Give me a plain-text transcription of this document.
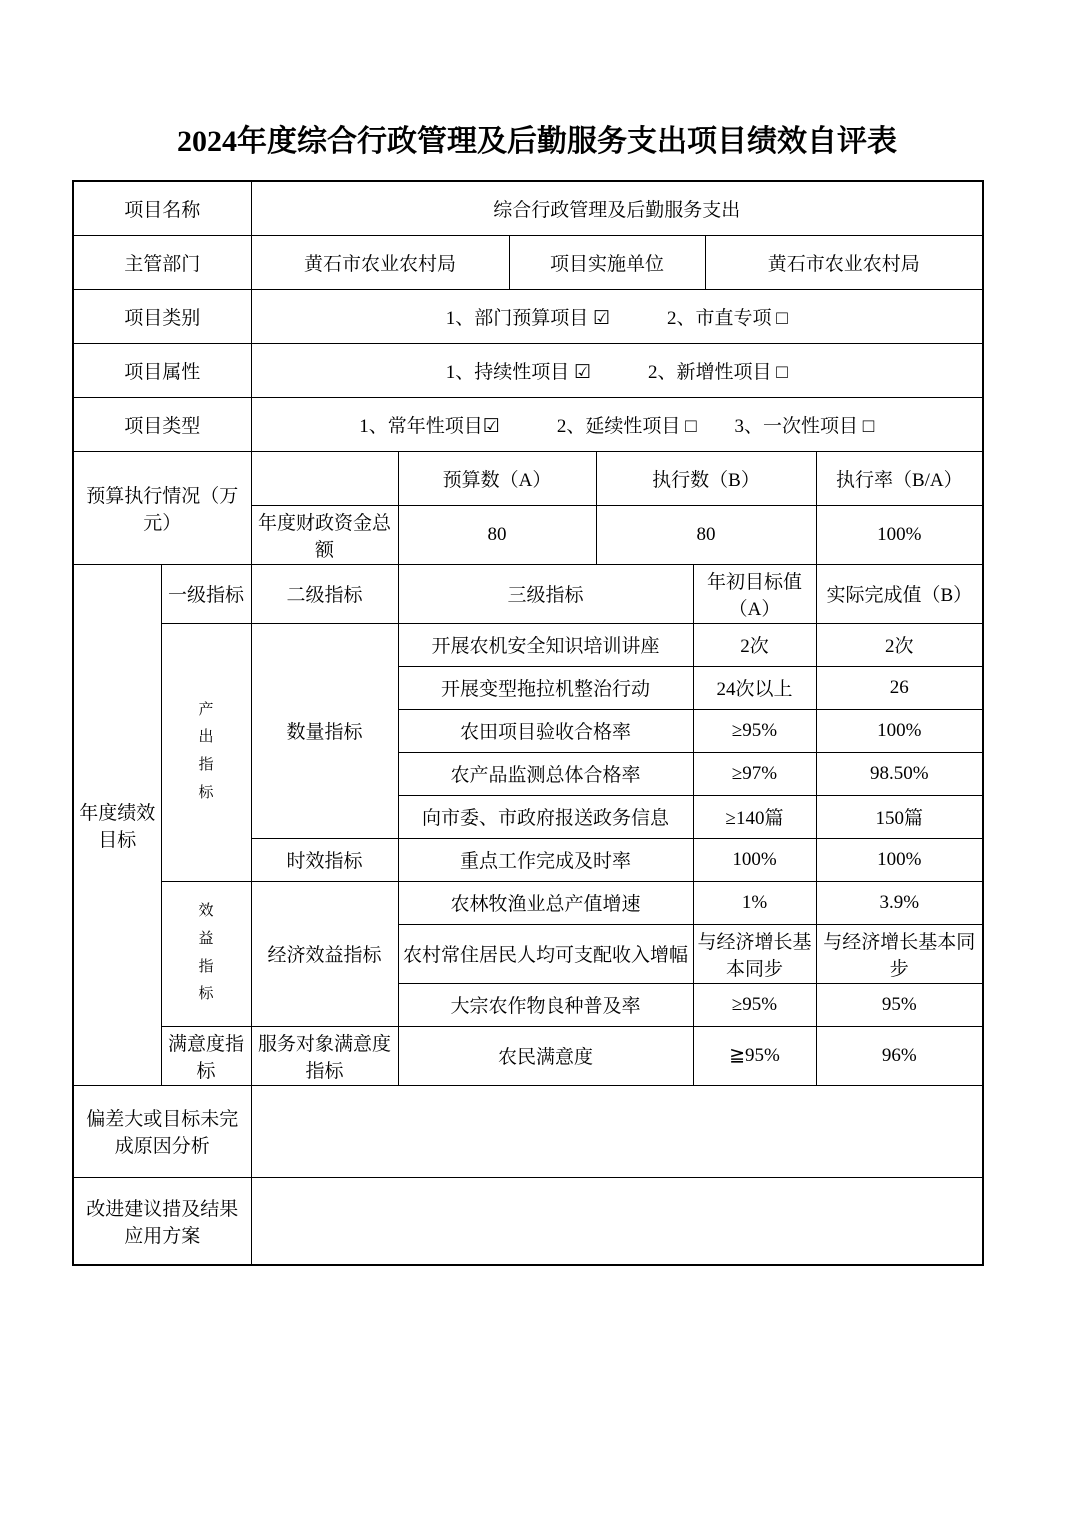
2024年度综合行政管理及后勤服务支出项目绩效自评表
项目名称		综合行政管理及后勤服务支出						
主管部门		黄石市农业农村局		项目实施单位			黄石市农业农村局	
项目类别		1、部门预算项目 ☑　　　2、市直专项 □						
项目属性		1、持续性项目 ☑　　　2、新增性项目 □						
项目类型		1、常年性项目☑　　　2、延续性项目 □　　3、一次性项目 □						
预算执行情况（万元）			预算数（A）		执行数（B）			执行率（B/A）
		年度财政资金总额	80		80			100%
年度绩效目标	一级指标	二级指标	三级指标			年初目标值（A）		实际完成值（B）
	产出指标	数量指标	开展农机安全知识培训讲座			2次		2次
			开展变型拖拉机整治行动			24次以上		26
			农田项目验收合格率			≥95%		100%
			农产品监测总体合格率			≥97%		98.50%
			向市委、市政府报送政务信息			≥140篇		150篇
		时效指标	重点工作完成及时率			100%		100%
	效益指标	经济效益指标	农林牧渔业总产值增速			1%		3.9%
			农村常住居民人均可支配收入增幅			与经济增长基本同步		与经济增长基本同步
			大宗农作物良种普及率			≥95%		95%
	满意度指标	服务对象满意度指标	农民满意度			≧95%		96%
偏差大或目标未完成原因分析								
改进建议措及结果应用方案								
